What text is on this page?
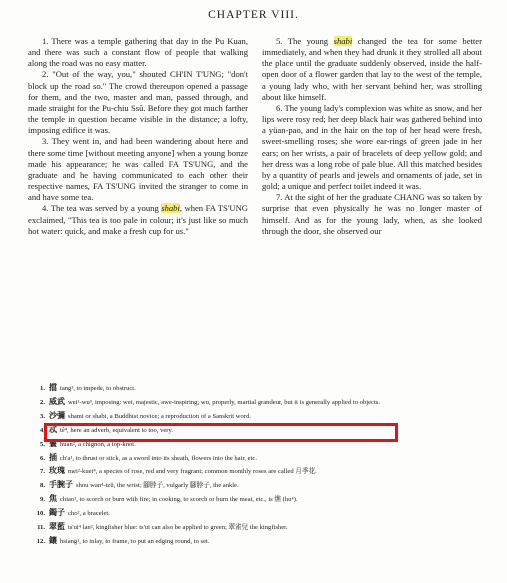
CHAPTER VIII.

1. There was a temple gathering that day in the Pu Kuan, and there was such a constant flow of people that walking along the road was no easy matter.

2. "Out of the way, you," shouted CH'IN T'UNG; "don't block up the road so." The crowd thereupon opened a passage for them, and the two, master and man, passed through, and made straight for the Pu-chiu Ssŭ. Before they got much farther the temple in question became visible in the distance; a lofty, imposing edifice it was.

3. They went in, and had been wandering about here and there some time [without meeting anyone] when a young bonze made his appearance; he was called FA TS'UNG, and the graduate and he having communicated to each other their respective names, FA TS'UNG invited the stranger to come in and have some tea.

4. The tea was served by a young shabi, when FA TS'UNG exclaimed, "This tea is too pale in colour; it's just like so much hot water: quick, and make a fresh cup for us."

5. The young shabi changed the tea for some better immediately, and when they had drunk it they strolled all about the place until the graduate suddenly observed, inside the half-open door of a flower garden that lay to the west of the temple, a young lady who, with her servant behind her, was strolling about like himself.

6. The young lady's complexion was white as snow, and her lips were rosy red; her deep black hair was gathered behind into a yüan-pao, and in the hair on the top of her head were fresh, sweet-smelling roses; she wore ear-rings of green jade in her ears; on her wrists, a pair of bracelets of deep yellow gold; and her dress was a long robe of pale blue. All this matched besides by a quantity of pearls and jewels and ornaments of jade, set in gold; a unique and perfect toilet indeed it was.

7. At the sight of her the graduate CHANG was so taken by surprise that even physically he was no longer master of himself. And as for the young lady, when, as she looked through the door, she observed our

1. 擋 tang³, to impede, to obstruct.
2. 威武 wei¹-wu³, imposing: wei, majestic, awe-inspiring; wu, properly, martial grandeur, but it is generally applied to objects.
3. 沙彌 shami or shabi, a Buddhist novice; a reproduction of a Sanskrit word.
4. 忒 tê⁴, here an adverb, equivalent to too, very.
5. 鬟 huan², a chignon, a top-knot.
6. 插 ch'a¹, to thrust or stick, as a sword into its sheath, flowers into the hair, etc.
7. 玫瑰 mei²-kuei⁴, a species of rose, red and very fragrant; common monthly roses are called 月季花.
8. 手腕子 shou wan⁴-tzŭ, the wrist; 腳脖子, vulgarly 腳脖子, the ankle.
9. 焦 chiao¹, to scorch or burn with fire; in cooking, to scorch or burn the meat, etc., is 燋 (hu⁴).
10. 鐲子 cho², a bracelet.
11. 翠藍 ts'ui⁴ lan², kingfisher blue: ts'ui can also be applied to green; 翠雀兒 the kingfisher.
12. 鑲 hsiang¹, to inlay, to frame, to put an edging round, to set.
